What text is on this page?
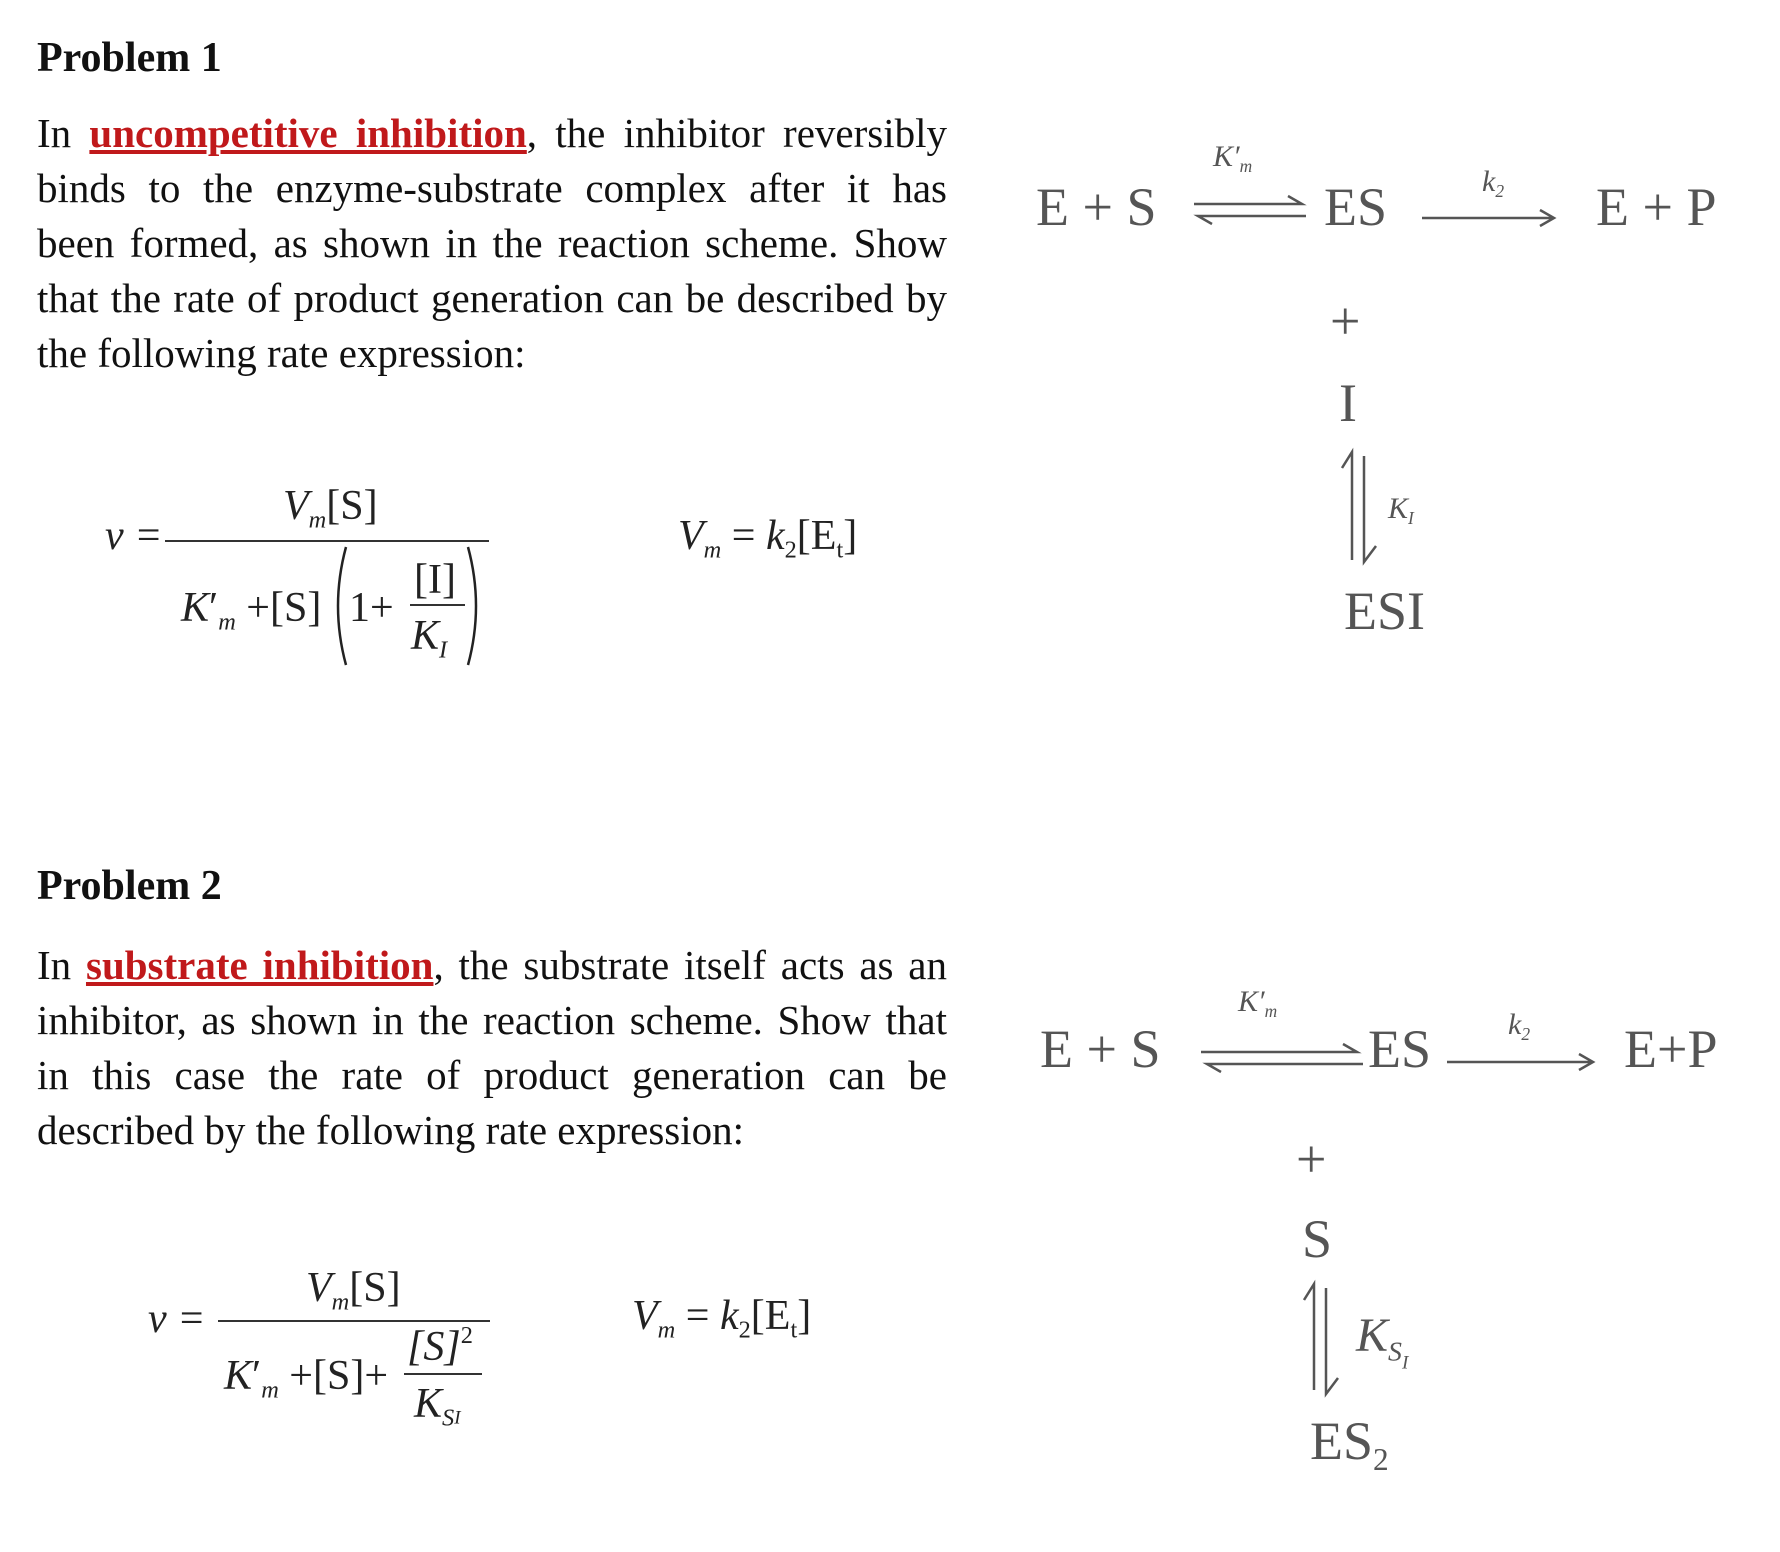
Problem 1
In uncompetitive inhibition, the inhibitor reversibly binds to the enzyme-substrate complex after it has been formed, as shown in the reaction scheme. Show that the rate of product generation can be described by the following rate expression:
v =
$V_m[S]$
$K'_m +[S]$ 1+
[I]
$K_I$
$V_m = k_2[E_t]$
E + S
$K'_m$
ES	$k_2$ E + P
+
I
$K_I$
ESI
Problem 2
In substrate inhibition, the substrate itself acts as an inhibitor, as shown in the reaction scheme. Show that in this case the rate of product generation can be described by the following rate expression:
v =
$V_m[S]$
$K'_m +[S]+$
$[S]^2$
$K_{SI}$
$V_m = k_2[E_t]$
E + S
$K'_m$
ES	$k_2$ E+P
+
S
$K_{SI}$
$ES_2$
